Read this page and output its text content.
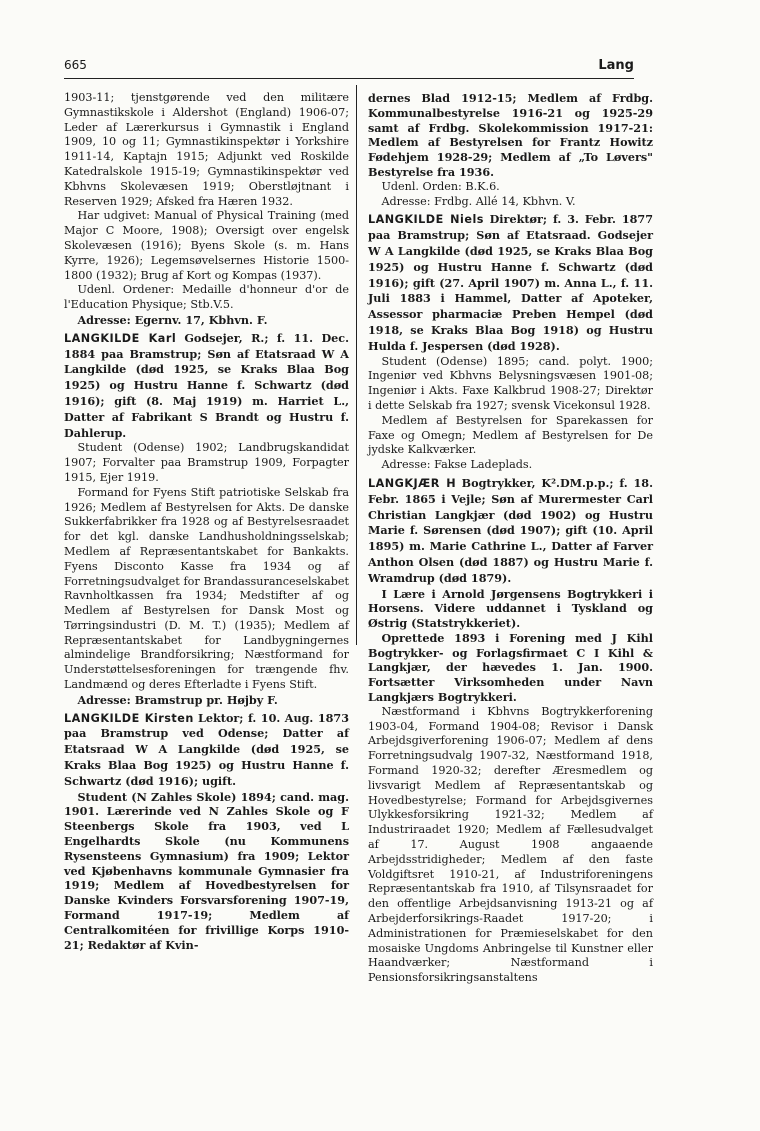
665	Lang

1903-11; tjenstgørende ved den militære Gymnastikskole i Aldershot (England) 1906-07; Leder af Lærerkursus i Gymnastik i England 1909, 10 og 11; Gymnastikinspektør i Yorkshire 1911-14, Kaptajn 1915; Adjunkt ved Roskilde Katedralskole 1915-19; Gymnastikinspektør ved Kbhvns Skolevæsen 1919; Oberstløjtnant i Reserven 1929; Afsked fra Hæren 1932.

Har udgivet: Manual of Physical Training (med Major C Moore, 1908); Oversigt over engelsk Skolevæsen (1916); Byens Skole (s. m. Hans Kyrre, 1926); Legemsøvelsernes Historie 1500-1800 (1932); Brug af Kort og Kompas (1937).

Udenl. Ordener: Medaille d'honneur d'or de l'Education Physique; Stb.V.5.

Adresse: Egernv. 17, Kbhvn. F.

LANGKILDE Karl Godsejer, R.; f. 11. Dec. 1884 paa Bramstrup; Søn af Etatsraad W A Langkilde (død 1925, se Kraks Blaa Bog 1925) og Hustru Hanne f. Schwartz (død 1916); gift (8. Maj 1919) m. Harriet L., Datter af Fabrikant S Brandt og Hustru f. Dahlerup.

Student (Odense) 1902; Landbrugskandidat 1907; Forvalter paa Bramstrup 1909, Forpagter 1915, Ejer 1919.

Formand for Fyens Stift patriotiske Selskab fra 1926; Medlem af Bestyrelsen for Akts. De danske Sukkerfabrikker fra 1928 og af Bestyrelsesraadet for det kgl. danske Landhusholdningsselskab; Medlem af Repræsentantskabet for Bankakts. Fyens Disconto Kasse fra 1934 og af Forretningsudvalget for Brandassuranceselskabet Ravnholtkassen fra 1934; Medstifter af og Medlem af Bestyrelsen for Dansk Most og Tørringsindustri (D. M. T.) (1935); Medlem af Repræsentantskabet for Landbygningernes almindelige Brandforsikring; Næstformand for Understøttelsesforeningen for trængende fhv. Landmænd og deres Efterladte i Fyens Stift.

Adresse: Bramstrup pr. Højby F.

LANGKILDE Kirsten Lektor; f. 10. Aug. 1873 paa Bramstrup ved Odense; Datter af Etatsraad W A Langkilde (død 1925, se Kraks Blaa Bog 1925) og Hustru Hanne f. Schwartz (død 1916); ugift.

Student (N Zahles Skole) 1894; cand. mag. 1901. Lærerinde ved N Zahles Skole og F Steenbergs Skole fra 1903, ved L Engelhardts Skole (nu Kommunens Rysensteens Gymnasium) fra 1909; Lektor ved Kjøbenhavns kommunale Gymnasier fra 1919; Medlem af Hovedbestyrelsen for Danske Kvinders Forsvarsforening 1907-19, Formand 1917-19; Medlem af Centralkomitéen for frivillige Korps 1910-21; Redaktør af Kvin-

dernes Blad 1912-15; Medlem af Frdbg. Kommunalbestyrelse 1916-21 og 1925-29 samt af Frdbg. Skolekommission 1917-21: Medlem af Bestyrelsen for Frantz Howitz Fødehjem 1928-29; Medlem af „To Løvers" Bestyrelse fra 1936.

Udenl. Orden: B.K.6.

Adresse: Frdbg. Allé 14, Kbhvn. V.

LANGKILDE Niels Direktør; f. 3. Febr. 1877 paa Bramstrup; Søn af Etatsraad. Godsejer W A Langkilde (død 1925, se Kraks Blaa Bog 1925) og Hustru Hanne f. Schwartz (død 1916); gift (27. April 1907) m. Anna L., f. 11. Juli 1883 i Hammel, Datter af Apoteker, Assessor pharmaciæ Preben Hempel (død 1918, se Kraks Blaa Bog 1918) og Hustru Hulda f. Jespersen (død 1928).

Student (Odense) 1895; cand. polyt. 1900; Ingeniør ved Kbhvns Belysningsvæsen 1901-08; Ingeniør i Akts. Faxe Kalkbrud 1908-27; Direktør i dette Selskab fra 1927; svensk Vicekonsul 1928.

Medlem af Bestyrelsen for Sparekassen for Faxe og Omegn; Medlem af Bestyrelsen for De jydske Kalkværker.

Adresse: Fakse Ladeplads.

LANGKJÆR H Bogtrykker, K².DM.p.p.; f. 18. Febr. 1865 i Vejle; Søn af Murermester Carl Christian Langkjær (død 1902) og Hustru Marie f. Sørensen (død 1907); gift (10. April 1895) m. Marie Cathrine L., Datter af Farver Anthon Olsen (død 1887) og Hustru Marie f. Wramdrup (død 1879).

I Lære i Arnold Jørgensens Bogtrykkeri i Horsens. Videre uddannet i Tyskland og Østrig (Statstrykkeriet).

Oprettede 1893 i Forening med J Kihl Bogtrykker- og Forlagsfirmaet C I Kihl & Langkjær, der hævedes 1. Jan. 1900. Fortsætter Virksomheden under Navn Langkjærs Bogtrykkeri.

Næstformand i Kbhvns Bogtrykkerforening 1903-04, Formand 1904-08; Revisor i Dansk Arbejdsgiverforening 1906-07; Medlem af dens Forretningsudvalg 1907-32, Næstformand 1918, Formand 1920-32; derefter Æresmedlem og livsvarigt Medlem af Repræsentantskab og Hovedbestyrelse; Formand for Arbejdsgivernes Ulykkesforsikring 1921-32; Medlem af Industriraadet 1920; Medlem af Fællesudvalget af 17. August 1908 angaaende Arbejdsstridigheder; Medlem af den faste Voldgiftsret 1910-21, af Industriforeningens Repræsentantskab fra 1910, af Tilsynsraadet for den offentlige Arbejdsanvisning 1913-21 og af Arbejderforsikrings-Raadet 1917-20; i Administrationen for Præmieselskabet for den mosaiske Ungdoms Anbringelse til Kunstner eller Haandværker; Næstformand i Pensionsforsikringsanstaltens
